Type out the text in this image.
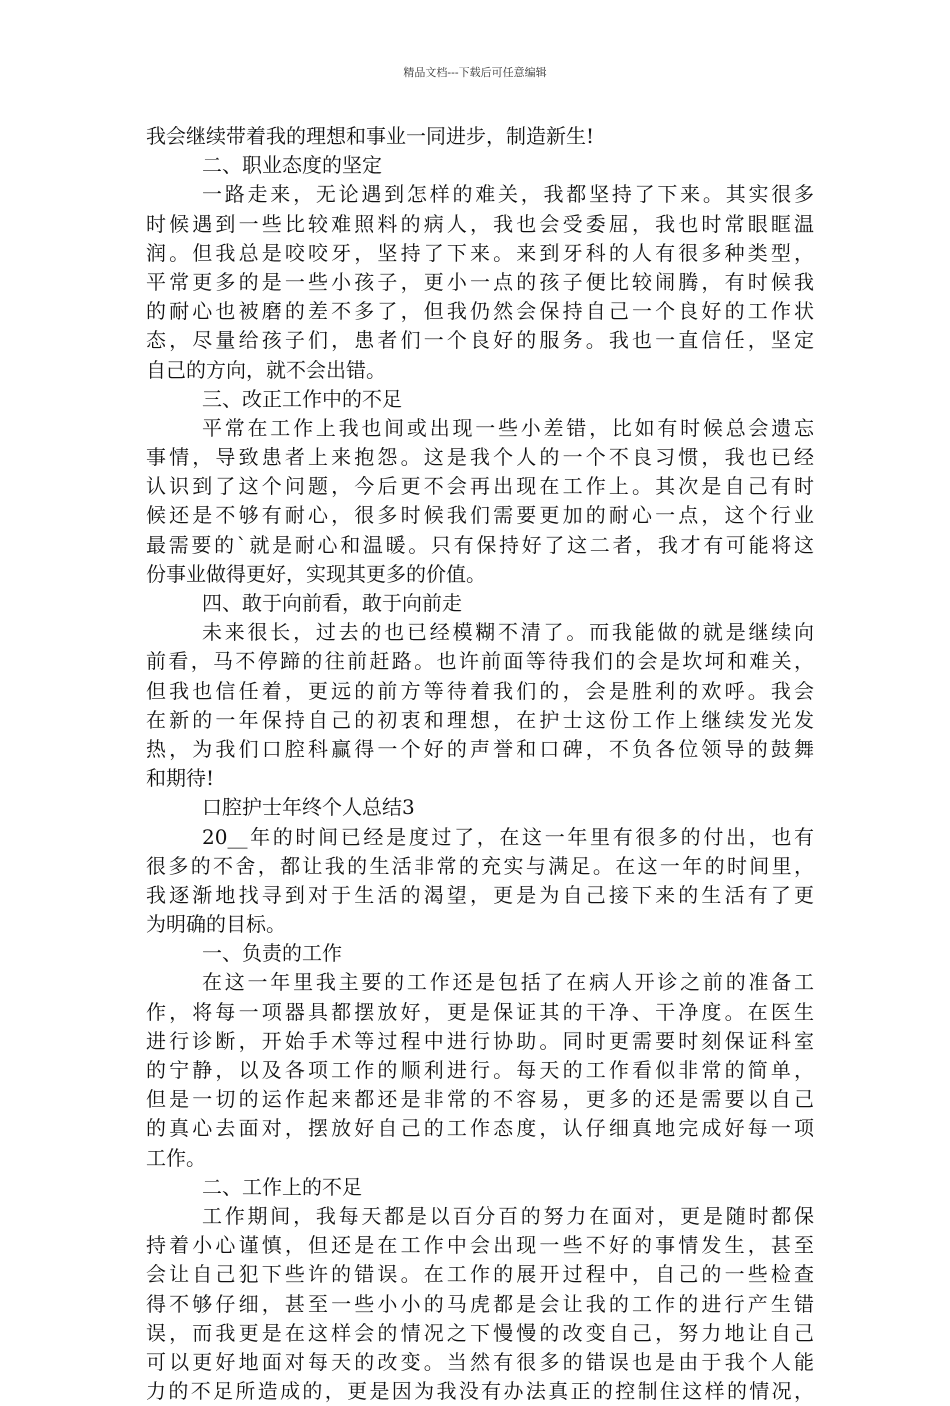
精品文档---下载后可任意编辑
我会继续带着我的理想和事业一同进步，制造新生!
二、职业态度的坚定
一路走来，无论遇到怎样的难关，我都坚持了下来。其实很多
时候遇到一些比较难照料的病人，我也会受委屈，我也时常眼眶温
润。但我总是咬咬牙，坚持了下来。来到牙科的人有很多种类型，
平常更多的是一些小孩子，更小一点的孩子便比较闹腾，有时候我
的耐心也被磨的差不多了，但我仍然会保持自己一个良好的工作状
态，尽量给孩子们，患者们一个良好的服务。我也一直信任，坚定
自己的方向，就不会出错。
三、改正工作中的不足
平常在工作上我也间或出现一些小差错，比如有时候总会遗忘
事情，导致患者上来抱怨。这是我个人的一个不良习惯，我也已经
认识到了这个问题，今后更不会再出现在工作上。其次是自己有时
候还是不够有耐心，很多时候我们需要更加的耐心一点，这个行业
最需要的`就是耐心和温暖。只有保持好了这二者，我才有可能将这
份事业做得更好，实现其更多的价值。
四、敢于向前看，敢于向前走
未来很长，过去的也已经模糊不清了。而我能做的就是继续向
前看，马不停蹄的往前赶路。也许前面等待我们的会是坎坷和难关，
但我也信任着，更远的前方等待着我们的，会是胜利的欢呼。我会
在新的一年保持自己的初衷和理想，在护士这份工作上继续发光发
热，为我们口腔科赢得一个好的声誉和口碑，不负各位领导的鼓舞
和期待!
口腔护士年终个人总结3
20__年的时间已经是度过了，在这一年里有很多的付出，也有
很多的不舍，都让我的生活非常的充实与满足。在这一年的时间里，
我逐渐地找寻到对于生活的渴望，更是为自己接下来的生活有了更
为明确的目标。
一、负责的工作
在这一年里我主要的工作还是包括了在病人开诊之前的准备工
作，将每一项器具都摆放好，更是保证其的干净、干净度。在医生
进行诊断，开始手术等过程中进行协助。同时更需要时刻保证科室
的宁静，以及各项工作的顺利进行。每天的工作看似非常的简单，
但是一切的运作起来都还是非常的不容易，更多的还是需要以自己
的真心去面对，摆放好自己的工作态度，认仔细真地完成好每一项
工作。
二、工作上的不足
工作期间，我每天都是以百分百的努力在面对，更是随时都保
持着小心谨慎，但还是在工作中会出现一些不好的事情发生，甚至
会让自己犯下些许的错误。在工作的展开过程中，自己的一些检查
得不够仔细，甚至一些小小的马虎都是会让我的工作的进行产生错
误，而我更是在这样会的情况之下慢慢的改变自己，努力地让自己
可以更好地面对每天的改变。当然有很多的错误也是由于我个人能
力的不足所造成的，更是因为我没有办法真正的控制住这样的情况，
